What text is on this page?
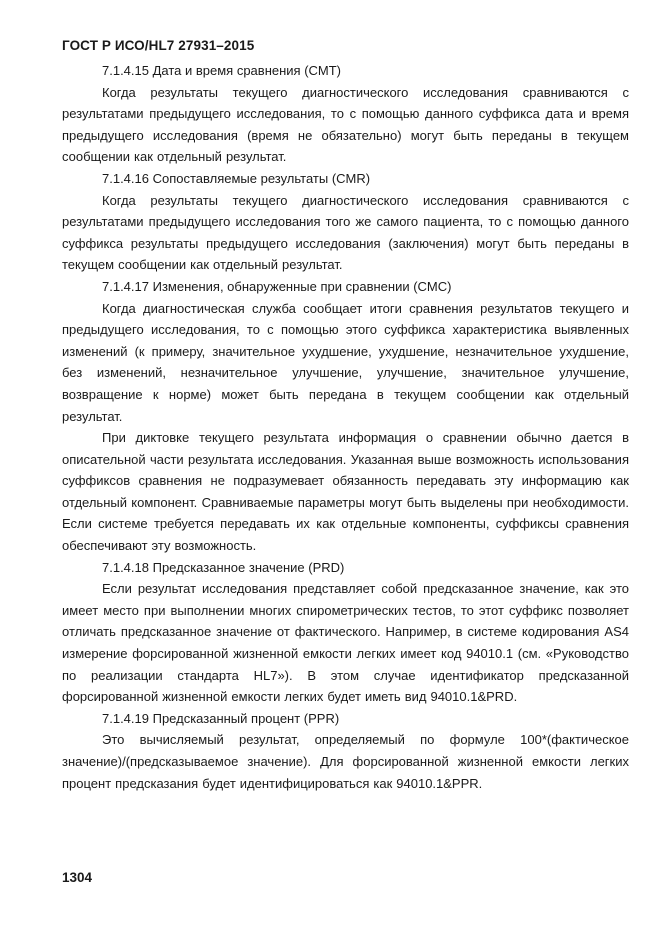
ГОСТ Р ИСО/HL7 27931–2015

7.1.4.15 Дата и время сравнения (CMT)

Когда результаты текущего диагностического исследования сравниваются с результатами предыдущего исследования, то с помощью данного суффикса дата и время предыдущего исследования (время не обязательно) могут быть переданы в текущем сообщении как отдельный результат.

7.1.4.16 Сопоставляемые результаты (CMR)

Когда результаты текущего диагностического исследования сравниваются с результатами предыдущего исследования того же самого пациента, то с помощью данного суффикса результаты предыдущего исследования (заключения) могут быть переданы в текущем сообщении как отдельный результат.

7.1.4.17 Изменения, обнаруженные при сравнении (CMC)

Когда диагностическая служба сообщает итоги сравнения результатов текущего и предыдущего исследования, то с помощью этого суффикса характеристика выявленных изменений (к примеру, значительное ухудшение, ухудшение, незначительное ухудшение, без изменений, незначительное улучшение, улучшение, значительное улучшение, возвращение к норме) может быть передана в текущем сообщении как отдельный результат.

При диктовке текущего результата информация о сравнении обычно дается в описательной части результата исследования. Указанная выше возможность использования суффиксов сравнения не подразумевает обязанность передавать эту информацию как отдельный компонент. Сравниваемые параметры могут быть выделены при необходимости. Если системе требуется передавать их как отдельные компоненты, суффиксы сравнения обеспечивают эту возможность.

7.1.4.18 Предсказанное значение (PRD)

Если результат исследования представляет собой предсказанное значение, как это имеет место при выполнении многих спирометрических тестов, то этот суффикс позволяет отличать предсказанное значение от фактического. Например, в системе кодирования AS4 измерение форсированной жизненной емкости легких имеет код 94010.1 (см. «Руководство по реализации стандарта HL7»). В этом случае идентификатор предсказанной форсированной жизненной емкости легких будет иметь вид 94010.1&PRD.

7.1.4.19 Предсказанный процент (PPR)

Это вычисляемый результат, определяемый по формуле 100*(фактическое значение)/(предсказываемое значение). Для форсированной жизненной емкости легких процент предсказания будет идентифицироваться как 94010.1&PPR.

1304
